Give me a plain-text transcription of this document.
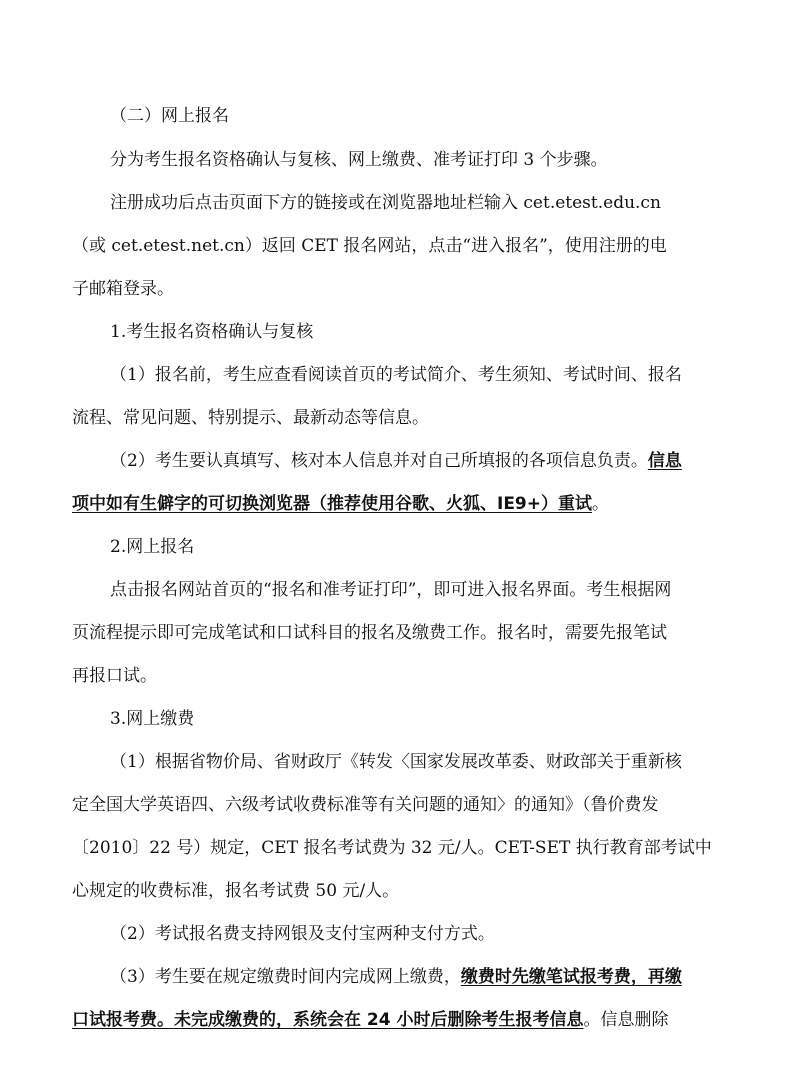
（二）网上报名
分为考生报名资格确认与复核、网上缴费、准考证打印 3 个步骤。
注册成功后点击页面下方的链接或在浏览器地址栏输入 cet.etest.edu.cn
（或 cet.etest.net.cn）返回 CET 报名网站，点击“进入报名”，使用注册的电
子邮箱登录。
1.考生报名资格确认与复核
（1）报名前，考生应查看阅读首页的考试简介、考生须知、考试时间、报名
流程、常见问题、特别提示、最新动态等信息。
（2）考生要认真填写、核对本人信息并对自己所填报的各项信息负责。信息
项中如有生僻字的可切换浏览器（推荐使用谷歌、火狐、IE9+）重试。
2.网上报名
点击报名网站首页的“报名和准考证打印”，即可进入报名界面。考生根据网
页流程提示即可完成笔试和口试科目的报名及缴费工作。报名时，需要先报笔试
再报口试。
3.网上缴费
（1）根据省物价局、省财政厅《转发〈国家发展改革委、财政部关于重新核
定全国大学英语四、六级考试收费标准等有关问题的通知〉的通知》（鲁价费发
〔2010〕22 号）规定，CET 报名考试费为 32 元/人。CET-SET 执行教育部考试中
心规定的收费标准，报名考试费 50 元/人。
（2）考试报名费支持网银及支付宝两种支付方式。
（3）考生要在规定缴费时间内完成网上缴费，缴费时先缴笔试报考费，再缴
口试报考费。未完成缴费的，系统会在 24 小时后删除考生报考信息。信息删除
